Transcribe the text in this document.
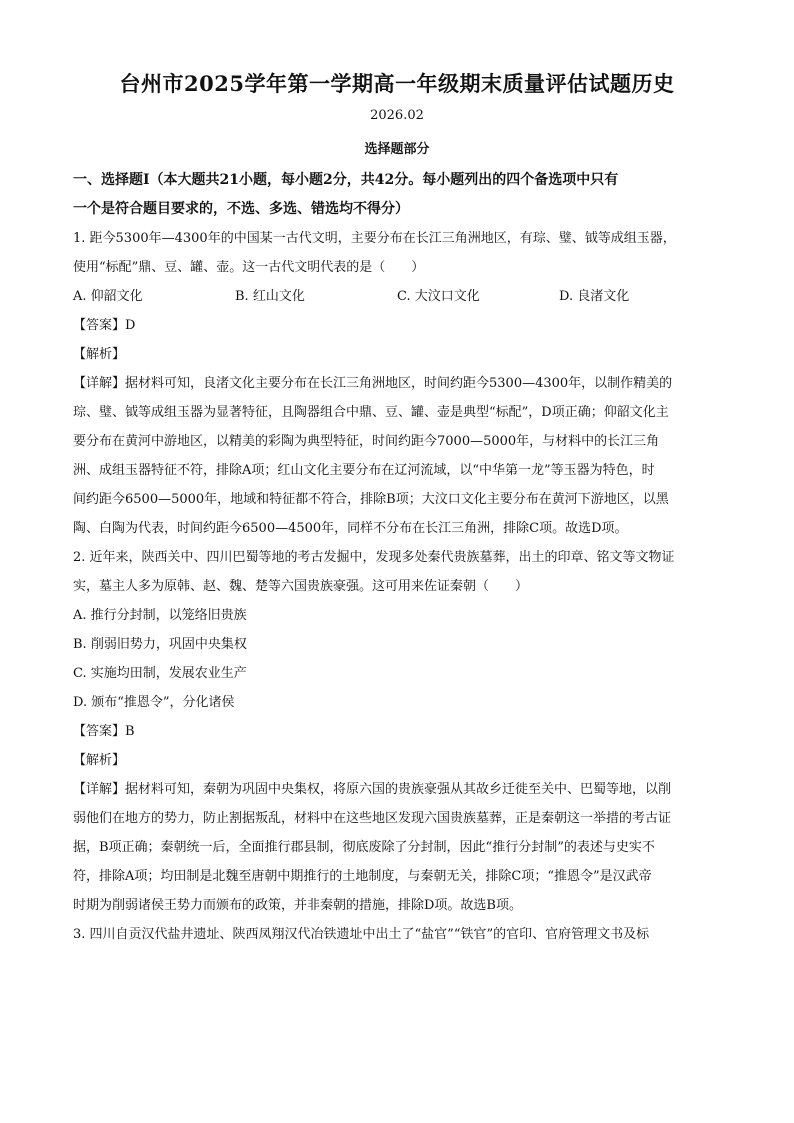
台州市2025学年第一学期高一年级期末质量评估试题历史
2026.02
选择题部分

一、选择题Ⅰ（本大题共21小题，每小题2分，共42分。每小题列出的四个备选项中只有

一个是符合题目要求的，不选、多选、错选均不得分）

1. 距今5300年—4300年的中国某一古代文明，主要分布在长江三角洲地区，有琮、璧、钺等成组玉器，

使用“标配”鼎、豆、罐、壶。这一古代文明代表的是（　　）

A. 仰韶文化	B. 红山文化	C. 大汶口文化	D. 良渚文化

【答案】D

【解析】

【详解】据材料可知，良渚文化主要分布在长江三角洲地区，时间约距今5300—4300年，以制作精美的

琮、璧、钺等成组玉器为显著特征，且陶器组合中鼎、豆、罐、壶是典型“标配”，D项正确；仰韶文化主

要分布在黄河中游地区，以精美的彩陶为典型特征，时间约距今7000—5000年，与材料中的长江三角

洲、成组玉器特征不符，排除A项；红山文化主要分布在辽河流域，以“中华第一龙”等玉器为特色，时

间约距今6500—5000年，地域和特征都不符合，排除B项；大汶口文化主要分布在黄河下游地区，以黑

陶、白陶为代表，时间约距今6500—4500年，同样不分布在长江三角洲，排除C项。故选D项。

2. 近年来，陕西关中、四川巴蜀等地的考古发掘中，发现多处秦代贵族墓葬，出土的印章、铭文等文物证

实，墓主人多为原韩、赵、魏、楚等六国贵族豪强。这可用来佐证秦朝（　　）

A. 推行分封制，以笼络旧贵族

B. 削弱旧势力，巩固中央集权

C. 实施均田制，发展农业生产

D. 颁布“推恩令”，分化诸侯

【答案】B

【解析】

【详解】据材料可知，秦朝为巩固中央集权，将原六国的贵族豪强从其故乡迁徙至关中、巴蜀等地，以削

弱他们在地方的势力，防止割据叛乱，材料中在这些地区发现六国贵族墓葬，正是秦朝这一举措的考古证

据，B项正确；秦朝统一后，全面推行郡县制，彻底废除了分封制，因此“推行分封制”的表述与史实不

符，排除A项；均田制是北魏至唐朝中期推行的土地制度，与秦朝无关，排除C项；“推恩令”是汉武帝

时期为削弱诸侯王势力而颁布的政策，并非秦朝的措施，排除D项。故选B项。

3. 四川自贡汉代盐井遗址、陕西凤翔汉代冶铁遗址中出土了“盐官”“铁官”的官印、官府管理文书及标
